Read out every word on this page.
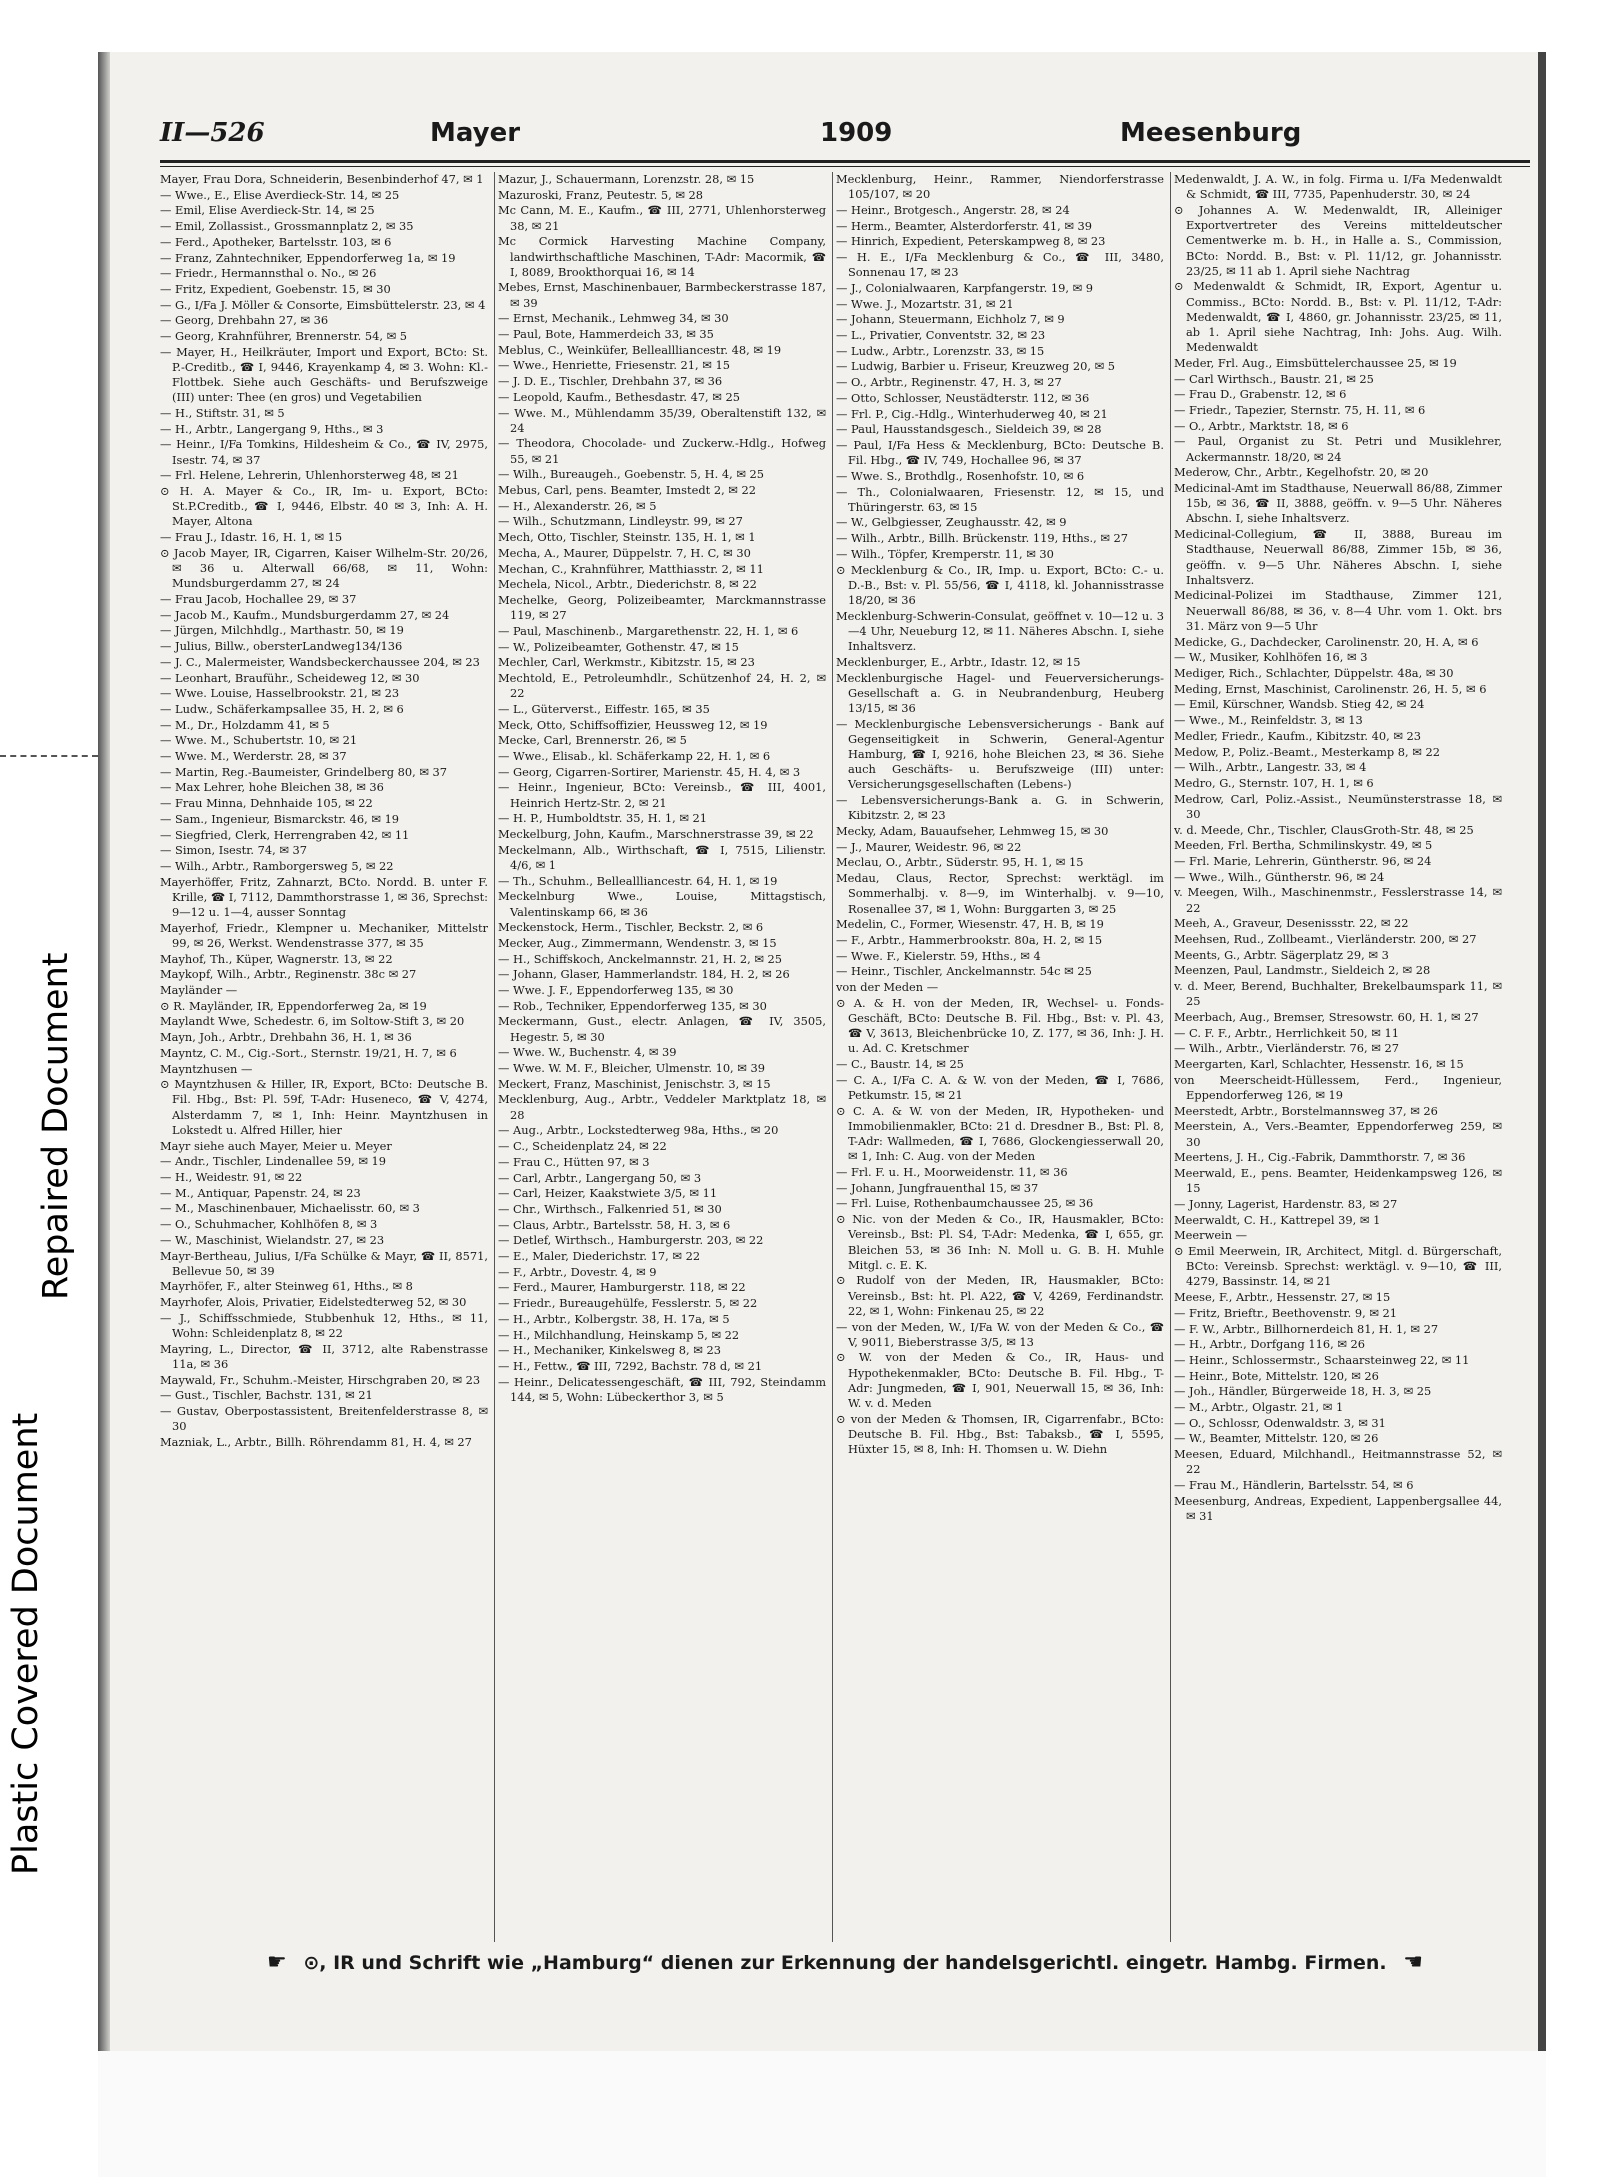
Plastic Covered Document
Repaired Document
II—526	Mayer	1909	Meesenburg

Mayer, Frau Dora, Schneiderin, Besenbinderhof 47, ✉ 1

— Wwe., E., Elise Averdieck-Str. 14, ✉ 25

— Emil, Elise Averdieck-Str. 14, ✉ 25

— Emil, Zollassist., Grossmannplatz 2, ✉ 35

— Ferd., Apotheker, Bartelsstr. 103, ✉ 6

— Franz, Zahntechniker, Eppendorferweg 1a, ✉ 19

— Friedr., Hermannsthal o. No., ✉ 26

— Fritz, Expedient, Goebenstr. 15, ✉ 30

— G., I/Fa J. Möller & Consorte, Eimsbüttelerstr. 23, ✉ 4

— Georg, Drehbahn 27, ✉ 36

— Georg, Krahnführer, Brennerstr. 54, ✉ 5

— Mayer, H., Heilkräuter, Import und Export, BCto: St. P.-Creditb., ☎ I, 9446, Krayenkamp 4, ✉ 3. Wohn: Kl.-Flottbek. Siehe auch Geschäfts- und Berufszweige (III) unter: Thee (en gros) und Vegetabilien

— H., Stiftstr. 31, ✉ 5

— H., Arbtr., Langergang 9, Hths., ✉ 3

— Heinr., I/Fa Tomkins, Hildesheim & Co., ☎ IV, 2975, Isestr. 74, ✉ 37

— Frl. Helene, Lehrerin, Uhlenhorsterweg 48, ✉ 21

⊙ H. A. Mayer & Co., IR, Im- u. Export, BCto: St.P.Creditb., ☎ I, 9446, Elbstr. 40 ✉ 3, Inh: A. H. Mayer, Altona

— Frau J., Idastr. 16, H. 1, ✉ 15

⊙ Jacob Mayer, IR, Cigarren, Kaiser Wilhelm-Str. 20/26, ✉ 36 u. Alterwall 66/68, ✉ 11, Wohn: Mundsburgerdamm 27, ✉ 24

— Frau Jacob, Hochallee 29, ✉ 37

— Jacob M., Kaufm., Mundsburgerdamm 27, ✉ 24

— Jürgen, Milchhdlg., Marthastr. 50, ✉ 19

— Julius, Billw., obersterLandweg134/136

— J. C., Malermeister, Wandsbeckerchaussee 204, ✉ 23

— Leonhart, Brauführ., Scheideweg 12, ✉ 30

— Wwe. Louise, Hasselbrookstr. 21, ✉ 23

— Ludw., Schäferkampsallee 35, H. 2, ✉ 6

— M., Dr., Holzdamm 41, ✉ 5

— Wwe. M., Schubertstr. 10, ✉ 21

— Wwe. M., Werderstr. 28, ✉ 37

— Martin, Reg.-Baumeister, Grindelberg 80, ✉ 37

— Max Lehrer, hohe Bleichen 38, ✉ 36

— Frau Minna, Dehnhaide 105, ✉ 22

— Sam., Ingenieur, Bismarckstr. 46, ✉ 19

— Siegfried, Clerk, Herrengraben 42, ✉ 11

— Simon, Isestr. 74, ✉ 37

— Wilh., Arbtr., Ramborgersweg 5, ✉ 22

Mayerhöffer, Fritz, Zahnarzt, BCto. Nordd. B. unter F. Krille, ☎ I, 7112, Dammthorstrasse 1, ✉ 36, Sprechst: 9—12 u. 1—4, ausser Sonntag

Mayerhof, Friedr., Klempner u. Mechaniker, Mittelstr 99, ✉ 26, Werkst. Wendenstrasse 377, ✉ 35

Mayhof, Th., Küper, Wagnerstr. 13, ✉ 22

Maykopf, Wilh., Arbtr., Reginenstr. 38c ✉ 27

Mayländer —

⊙ R. Mayländer, IR, Eppendorferweg 2a, ✉ 19

Maylandt Wwe, Schedestr. 6, im Soltow-Stift 3, ✉ 20

Mayn, Joh., Arbtr., Drehbahn 36, H. 1, ✉ 36

Mayntz, C. M., Cig.-Sort., Sternstr. 19/21, H. 7, ✉ 6

Mayntzhusen —

⊙ Mayntzhusen & Hiller, IR, Export, BCto: Deutsche B. Fil. Hbg., Bst: Pl. 59f, T-Adr: Huseneco, ☎ V, 4274, Alsterdamm 7, ✉ 1, Inh: Heinr. Mayntzhusen in Lokstedt u. Alfred Hiller, hier

Mayr siehe auch Mayer, Meier u. Meyer

— Andr., Tischler, Lindenallee 59, ✉ 19

— H., Weidestr. 91, ✉ 22

— M., Antiquar, Papenstr. 24, ✉ 23

— M., Maschinenbauer, Michaelisstr. 60, ✉ 3

— O., Schuhmacher, Kohlhöfen 8, ✉ 3

— W., Maschinist, Wielandstr. 27, ✉ 23

Mayr-Bertheau, Julius, I/Fa Schülke & Mayr, ☎ II, 8571, Bellevue 50, ✉ 39

Mayrhöfer, F., alter Steinweg 61, Hths., ✉ 8

Mayrhofer, Alois, Privatier, Eidelstedterweg 52, ✉ 30

— J., Schiffsschmiede, Stubbenhuk 12, Hths., ✉ 11, Wohn: Schleidenplatz 8, ✉ 22

Mayring, L., Director, ☎ II, 3712, alte Rabenstrasse 11a, ✉ 36

Maywald, Fr., Schuhm.-Meister, Hirschgraben 20, ✉ 23

— Gust., Tischler, Bachstr. 131, ✉ 21

— Gustav, Oberpostassistent, Breitenfelderstrasse 8, ✉ 30

Mazniak, L., Arbtr., Billh. Röhrendamm 81, H. 4, ✉ 27

Mazur, J., Schauermann, Lorenzstr. 28, ✉ 15

Mazuroski, Franz, Peutestr. 5, ✉ 28

Mc Cann, M. E., Kaufm., ☎ III, 2771, Uhlenhorsterweg 38, ✉ 21

Mc Cormick Harvesting Machine Company, landwirthschaftliche Maschinen, T-Adr: Macormik, ☎ I, 8089, Brookthorquai 16, ✉ 14

Mebes, Ernst, Maschinenbauer, Barmbeckerstrasse 187, ✉ 39

— Ernst, Mechanik., Lehmweg 34, ✉ 30

— Paul, Bote, Hammerdeich 33, ✉ 35

Meblus, C., Weinküfer, Belleallliancestr. 48, ✉ 19

— Wwe., Henriette, Friesenstr. 21, ✉ 15

— J. D. E., Tischler, Drehbahn 37, ✉ 36

— Leopold, Kaufm., Bethesdastr. 47, ✉ 25

— Wwe. M., Mühlendamm 35/39, Oberaltenstift 132, ✉ 24

— Theodora, Chocolade- und Zuckerw.-Hdlg., Hofweg 55, ✉ 21

— Wilh., Bureaugeh., Goebenstr. 5, H. 4, ✉ 25

Mebus, Carl, pens. Beamter, Imstedt 2, ✉ 22

— H., Alexanderstr. 26, ✉ 5

— Wilh., Schutzmann, Lindleystr. 99, ✉ 27

Mech, Otto, Tischler, Steinstr. 135, H. 1, ✉ 1

Mecha, A., Maurer, Düppelstr. 7, H. C, ✉ 30

Mechan, C., Krahnführer, Matthiasstr. 2, ✉ 11

Mechela, Nicol., Arbtr., Diederichstr. 8, ✉ 22

Mechelke, Georg, Polizeibeamter, Marckmannstrasse 119, ✉ 27

— Paul, Maschinenb., Margarethenstr. 22, H. 1, ✉ 6

— W., Polizeibeamter, Gothenstr. 47, ✉ 15

Mechler, Carl, Werkmstr., Kibitzstr. 15, ✉ 23

Mechtold, E., Petroleumhdlr., Schützenhof 24, H. 2, ✉ 22

— L., Güterverst., Eiffestr. 165, ✉ 35

Meck, Otto, Schiffsoffizier, Heussweg 12, ✉ 19

Mecke, Carl, Brennerstr. 26, ✉ 5

— Wwe., Elisab., kl. Schäferkamp 22, H. 1, ✉ 6

— Georg, Cigarren-Sortirer, Marienstr. 45, H. 4, ✉ 3

— Heinr., Ingenieur, BCto: Vereinsb., ☎ III, 4001, Heinrich Hertz-Str. 2, ✉ 21

— H. P., Humboldtstr. 35, H. 1, ✉ 21

Meckelburg, John, Kaufm., Marschnerstrasse 39, ✉ 22

Meckelmann, Alb., Wirthschaft, ☎ I, 7515, Lilienstr. 4/6, ✉ 1

— Th., Schuhm., Belleallliancestr. 64, H. 1, ✉ 19

Meckelnburg Wwe., Louise, Mittagstisch, Valentinskamp 66, ✉ 36

Meckenstock, Herm., Tischler, Beckstr. 2, ✉ 6

Mecker, Aug., Zimmermann, Wendenstr. 3, ✉ 15

— H., Schiffskoch, Anckelmannstr. 21, H. 2, ✉ 25

— Johann, Glaser, Hammerlandstr. 184, H. 2, ✉ 26

— Wwe. J. F., Eppendorferweg 135, ✉ 30

— Rob., Techniker, Eppendorferweg 135, ✉ 30

Meckermann, Gust., electr. Anlagen, ☎ IV, 3505, Hegestr. 5, ✉ 30

— Wwe. W., Buchenstr. 4, ✉ 39

— Wwe. W. M. F., Bleicher, Ulmenstr. 10, ✉ 39

Meckert, Franz, Maschinist, Jenischstr. 3, ✉ 15

Mecklenburg, Aug., Arbtr., Veddeler Marktplatz 18, ✉ 28

— Aug., Arbtr., Lockstedterweg 98a, Hths., ✉ 20

— C., Scheidenplatz 24, ✉ 22

— Frau C., Hütten 97, ✉ 3

— Carl, Arbtr., Langergang 50, ✉ 3

— Carl, Heizer, Kaakstwiete 3/5, ✉ 11

— Chr., Wirthsch., Falkenried 51, ✉ 30

— Claus, Arbtr., Bartelsstr. 58, H. 3, ✉ 6

— Detlef, Wirthsch., Hamburgerstr. 203, ✉ 22

— E., Maler, Diederichstr. 17, ✉ 22

— F., Arbtr., Dovestr. 4, ✉ 9

— Ferd., Maurer, Hamburgerstr. 118, ✉ 22

— Friedr., Bureaugehülfe, Fesslerstr. 5, ✉ 22

— H., Arbtr., Kolbergstr. 38, H. 17a, ✉ 5

— H., Milchhandlung, Heinskamp 5, ✉ 22

— H., Mechaniker, Kinkelsweg 8, ✉ 23

— H., Fettw., ☎ III, 7292, Bachstr. 78 d, ✉ 21

— Heinr., Delicatessengeschäft, ☎ III, 792, Steindamm 144, ✉ 5, Wohn: Lübeckerthor 3, ✉ 5

Mecklenburg, Heinr., Rammer, Niendorferstrasse 105/107, ✉ 20

— Heinr., Brotgesch., Angerstr. 28, ✉ 24

— Herm., Beamter, Alsterdorferstr. 41, ✉ 39

— Hinrich, Expedient, Peterskampweg 8, ✉ 23

— H. E., I/Fa Mecklenburg & Co., ☎ III, 3480, Sonnenau 17, ✉ 23

— J., Colonialwaaren, Karpfangerstr. 19, ✉ 9

— Wwe. J., Mozartstr. 31, ✉ 21

— Johann, Steuermann, Eichholz 7, ✉ 9

— L., Privatier, Conventstr. 32, ✉ 23

— Ludw., Arbtr., Lorenzstr. 33, ✉ 15

— Ludwig, Barbier u. Friseur, Kreuzweg 20, ✉ 5

— O., Arbtr., Reginenstr. 47, H. 3, ✉ 27

— Otto, Schlosser, Neustädterstr. 112, ✉ 36

— Frl. P., Cig.-Hdlg., Winterhuderweg 40, ✉ 21

— Paul, Hausstandsgesch., Sieldeich 39, ✉ 28

— Paul, I/Fa Hess & Mecklenburg, BCto: Deutsche B. Fil. Hbg., ☎ IV, 749, Hochallee 96, ✉ 37

— Wwe. S., Brothdlg., Rosenhofstr. 10, ✉ 6

— Th., Colonialwaaren, Friesenstr. 12, ✉ 15, und Thüringerstr. 63, ✉ 15

— W., Gelbgiesser, Zeughausstr. 42, ✉ 9

— Wilh., Arbtr., Billh. Brückenstr. 119, Hths., ✉ 27

— Wilh., Töpfer, Kremperstr. 11, ✉ 30

⊙ Mecklenburg & Co., IR, Imp. u. Export, BCto: C.- u. D.-B., Bst: v. Pl. 55/56, ☎ I, 4118, kl. Johannisstrasse 18/20, ✉ 36

Mecklenburg-Schwerin-Consulat, geöffnet v. 10—12 u. 3—4 Uhr, Neueburg 12, ✉ 11. Näheres Abschn. I, siehe Inhaltsverz.

Mecklenburger, E., Arbtr., Idastr. 12, ✉ 15

Mecklenburgische Hagel- und Feuerversicherungs-Gesellschaft a. G. in Neubrandenburg, Heuberg 13/15, ✉ 36

— Mecklenburgische Lebensversicherungs - Bank auf Gegenseitigkeit in Schwerin, General-Agentur Hamburg, ☎ I, 9216, hohe Bleichen 23, ✉ 36. Siehe auch Geschäfts- u. Berufszweige (III) unter: Versicherungsgesellschaften (Lebens-)

— Lebensversicherungs-Bank a. G. in Schwerin, Kibitzstr. 2, ✉ 23

Mecky, Adam, Bauaufseher, Lehmweg 15, ✉ 30

— J., Maurer, Weidestr. 96, ✉ 22

Meclau, O., Arbtr., Süderstr. 95, H. 1, ✉ 15

Medau, Claus, Rector, Sprechst: werktägl. im Sommerhalbj. v. 8—9, im Winterhalbj. v. 9—10, Rosenallee 37, ✉ 1, Wohn: Burggarten 3, ✉ 25

Medelin, C., Former, Wiesenstr. 47, H. B, ✉ 19

— F., Arbtr., Hammerbrookstr. 80a, H. 2, ✉ 15

— Wwe. F., Kielerstr. 59, Hths., ✉ 4

— Heinr., Tischler, Anckelmannstr. 54c ✉ 25

von der Meden —

⊙ A. & H. von der Meden, IR, Wechsel- u. Fonds-Geschäft, BCto: Deutsche B. Fil. Hbg., Bst: v. Pl. 43, ☎ V, 3613, Bleichenbrücke 10, Z. 177, ✉ 36, Inh: J. H. u. Ad. C. Kretschmer

— C., Baustr. 14, ✉ 25

— C. A., I/Fa C. A. & W. von der Meden, ☎ I, 7686, Petkumstr. 15, ✉ 21

⊙ C. A. & W. von der Meden, IR, Hypotheken- und Immobilienmakler, BCto: 21 d. Dresdner B., Bst: Pl. 8, T-Adr: Wallmeden, ☎ I, 7686, Glockengiesserwall 20, ✉ 1, Inh: C. Aug. von der Meden

— Frl. F. u. H., Moorweidenstr. 11, ✉ 36

— Johann, Jungfrauenthal 15, ✉ 37

— Frl. Luise, Rothenbaumchaussee 25, ✉ 36

⊙ Nic. von der Meden & Co., IR, Hausmakler, BCto: Vereinsb., Bst: Pl. S4, T-Adr: Medenka, ☎ I, 655, gr. Bleichen 53, ✉ 36 Inh: N. Moll u. G. B. H. Muhle Mitgl. c. E. K.

⊙ Rudolf von der Meden, IR, Hausmakler, BCto: Vereinsb., Bst: ht. Pl. A22, ☎ V, 4269, Ferdinandstr. 22, ✉ 1, Wohn: Finkenau 25, ✉ 22

— von der Meden, W., I/Fa W. von der Meden & Co., ☎ V, 9011, Bieberstrasse 3/5, ✉ 13

⊙ W. von der Meden & Co., IR, Haus- und Hypothekenmakler, BCto: Deutsche B. Fil. Hbg., T-Adr: Jungmeden, ☎ I, 901, Neuerwall 15, ✉ 36, Inh: W. v. d. Meden

⊙ von der Meden & Thomsen, IR, Cigarrenfabr., BCto: Deutsche B. Fil. Hbg., Bst: Tabaksb., ☎ I, 5595, Hüxter 15, ✉ 8, Inh: H. Thomsen u. W. Diehn

Medenwaldt, J. A. W., in folg. Firma u. I/Fa Medenwaldt & Schmidt, ☎ III, 7735, Papenhuderstr. 30, ✉ 24

⊙ Johannes A. W. Medenwaldt, IR, Alleiniger Exportvertreter des Vereins mitteldeutscher Cementwerke m. b. H., in Halle a. S., Commission, BCto: Nordd. B., Bst: v. Pl. 11/12, gr. Johannisstr. 23/25, ✉ 11 ab 1. April siehe Nachtrag

⊙ Medenwaldt & Schmidt, IR, Export, Agentur u. Commiss., BCto: Nordd. B., Bst: v. Pl. 11/12, T-Adr: Medenwaldt, ☎ I, 4860, gr. Johannisstr. 23/25, ✉ 11, ab 1. April siehe Nachtrag, Inh: Johs. Aug. Wilh. Medenwaldt

Meder, Frl. Aug., Eimsbüttelerchaussee 25, ✉ 19

— Carl Wirthsch., Baustr. 21, ✉ 25

— Frau D., Grabenstr. 12, ✉ 6

— Friedr., Tapezier, Sternstr. 75, H. 11, ✉ 6

— O., Arbtr., Marktstr. 18, ✉ 6

— Paul, Organist zu St. Petri und Musiklehrer, Ackermannstr. 18/20, ✉ 24

Mederow, Chr., Arbtr., Kegelhofstr. 20, ✉ 20

Medicinal-Amt im Stadthause, Neuerwall 86/88, Zimmer 15b, ✉ 36, ☎ II, 3888, geöffn. v. 9—5 Uhr. Näheres Abschn. I, siehe Inhaltsverz.

Medicinal-Collegium, ☎ II, 3888, Bureau im Stadthause, Neuerwall 86/88, Zimmer 15b, ✉ 36, geöffn. v. 9—5 Uhr. Näheres Abschn. I, siehe Inhaltsverz.

Medicinal-Polizei im Stadthause, Zimmer 121, Neuerwall 86/88, ✉ 36, v. 8—4 Uhr. vom 1. Okt. brs 31. März von 9—5 Uhr

Medicke, G., Dachdecker, Carolinenstr. 20, H. A, ✉ 6

— W., Musiker, Kohlhöfen 16, ✉ 3

Mediger, Rich., Schlachter, Düppelstr. 48a, ✉ 30

Meding, Ernst, Maschinist, Carolinenstr. 26, H. 5, ✉ 6

— Emil, Kürschner, Wandsb. Stieg 42, ✉ 24

— Wwe., M., Reinfeldstr. 3, ✉ 13

Medler, Friedr., Kaufm., Kibitzstr. 40, ✉ 23

Medow, P., Poliz.-Beamt., Mesterkamp 8, ✉ 22

— Wilh., Arbtr., Langestr. 33, ✉ 4

Medro, G., Sternstr. 107, H. 1, ✉ 6

Medrow, Carl, Poliz.-Assist., Neumünsterstrasse 18, ✉ 30

v. d. Meede, Chr., Tischler, ClausGroth-Str. 48, ✉ 25

Meeden, Frl. Bertha, Schmilinskystr. 49, ✉ 5

— Frl. Marie, Lehrerin, Güntherstr. 96, ✉ 24

— Wwe., Wilh., Güntherstr. 96, ✉ 24

v. Meegen, Wilh., Maschinenmstr., Fesslerstrasse 14, ✉ 22

Meeh, A., Graveur, Desenissstr. 22, ✉ 22

Meehsen, Rud., Zollbeamt., Vierländerstr. 200, ✉ 27

Meents, G., Arbtr. Sägerplatz 29, ✉ 3

Meenzen, Paul, Landmstr., Sieldeich 2, ✉ 28

v. d. Meer, Berend, Buchhalter, Brekelbaumspark 11, ✉ 25

Meerbach, Aug., Bremser, Stresowstr. 60, H. 1, ✉ 27

— C. F. F., Arbtr., Herrlichkeit 50, ✉ 11

— Wilh., Arbtr., Vierländerstr. 76, ✉ 27

Meergarten, Karl, Schlachter, Hessenstr. 16, ✉ 15

von Meerscheidt-Hüllessem, Ferd., Ingenieur, Eppendorferweg 126, ✉ 19

Meerstedt, Arbtr., Borstelmannsweg 37, ✉ 26

Meerstein, A., Vers.-Beamter, Eppendorferweg 259, ✉ 30

Meertens, J. H., Cig.-Fabrik, Dammthorstr. 7, ✉ 36

Meerwald, E., pens. Beamter, Heidenkampsweg 126, ✉ 15

— Jonny, Lagerist, Hardenstr. 83, ✉ 27

Meerwaldt, C. H., Kattrepel 39, ✉ 1

Meerwein —

⊙ Emil Meerwein, IR, Architect, Mitgl. d. Bürgerschaft, BCto: Vereinsb. Sprechst: werktägl. v. 9—10, ☎ III, 4279, Bassinstr. 14, ✉ 21

Meese, F., Arbtr., Hessenstr. 27, ✉ 15

— Fritz, Brieftr., Beethovenstr. 9, ✉ 21

— F. W., Arbtr., Billhornerdeich 81, H. 1, ✉ 27

— H., Arbtr., Dorfgang 116, ✉ 26

— Heinr., Schlossermstr., Schaarsteinweg 22, ✉ 11

— Heinr., Bote, Mittelstr. 120, ✉ 26

— Joh., Händler, Bürgerweide 18, H. 3, ✉ 25

— M., Arbtr., Olgastr. 21, ✉ 1

— O., Schlossr, Odenwaldstr. 3, ✉ 31

— W., Beamter, Mittelstr. 120, ✉ 26

Meesen, Eduard, Milchhandl., Heitmannstrasse 52, ✉ 22

— Frau M., Händlerin, Bartelsstr. 54, ✉ 6

Meesenburg, Andreas, Expedient, Lappenbergsallee 44, ✉ 31

☛ ⊙, IR und Schrift wie „Hamburg“ dienen zur Erkennung der handelsgerichtl. eingetr. Hambg. Firmen. ☚
